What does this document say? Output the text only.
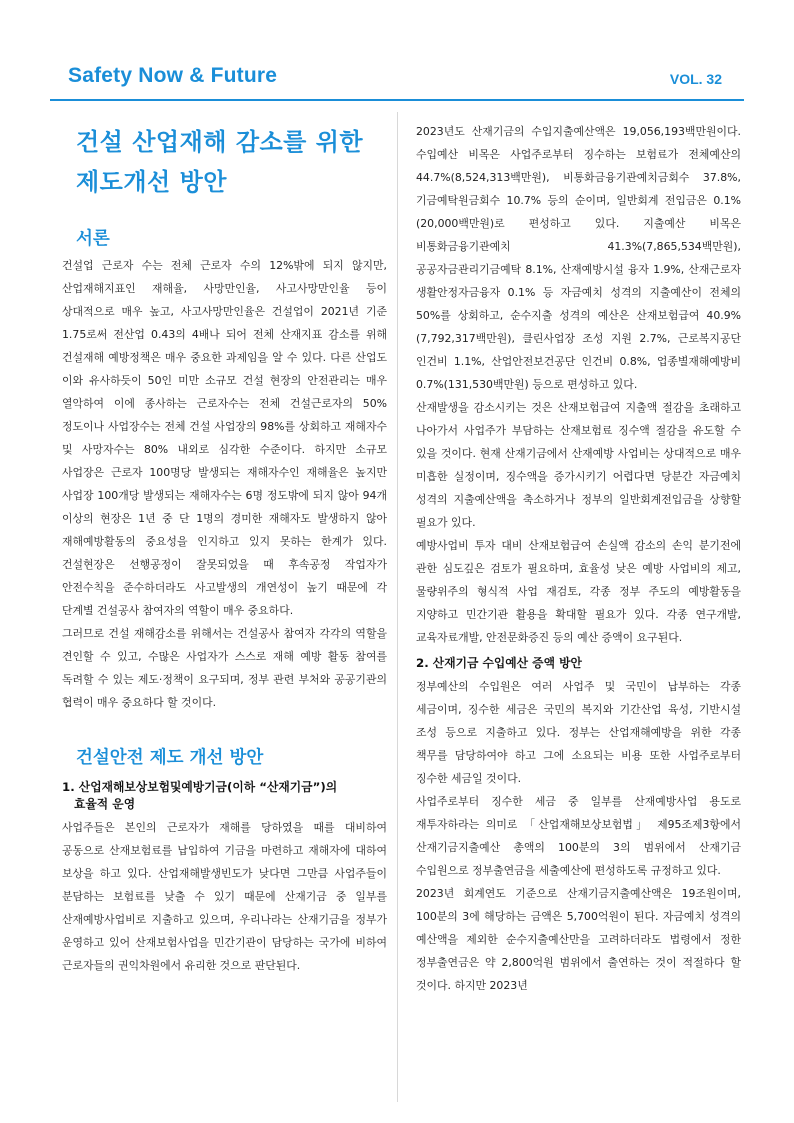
Safety Now & Future	VOL. 32
건설 산업재해 감소를 위한
제도개선 방안
서론

건설업 근로자 수는 전체 근로자 수의 12%밖에 되지 않지만, 산업재해지표인 재해율, 사망만인율, 사고사망만인율 등이 상대적으로 매우 높고, 사고사망만인율은 건설업이 2021년 기준 1.75로써 전산업 0.43의 4배나 되어 전체 산재지표 감소를 위해 건설재해 예방정책은 매우 중요한 과제임을 알 수 있다. 다른 산업도 이와 유사하듯이 50인 미만 소규모 건설 현장의 안전관리는 매우 열악하여 이에 종사하는 근로자수는 전체 건설근로자의 50% 정도이나 사업장수는 전체 건설 사업장의 98%를 상회하고 재해자수 및 사망자수는 80% 내외로 심각한 수준이다. 하지만 소규모 사업장은 근로자 100명당 발생되는 재해자수인 재해율은 높지만 사업장 100개당 발생되는 재해자수는 6명 정도밖에 되지 않아 94개 이상의 현장은 1년 중 단 1명의 경미한 재해자도 발생하지 않아 재해예방활동의 중요성을 인지하고 있지 못하는 한계가 있다. 건설현장은 선행공정이 잘못되었을 때 후속공정 작업자가 안전수칙을 준수하더라도 사고발생의 개연성이 높기 때문에 각 단계별 건설공사 참여자의 역할이 매우 중요하다.

그러므로 건설 재해감소를 위해서는 건설공사 참여자 각각의 역할을 견인할 수 있고, 수많은 사업자가 스스로 재해 예방 활동 참여를 독려할 수 있는 제도·정책이 요구되며, 정부 관련 부처와 공공기관의 협력이 매우 중요하다 할 것이다.

건설안전 제도 개선 방안
1. 산업재해보상보험및예방기금(이하 “산재기금”)의
효율적 운영

사업주들은 본인의 근로자가 재해를 당하였을 때를 대비하여 공동으로 산재보험료를 납입하여 기금을 마련하고 재해자에 대하여 보상을 하고 있다. 산업재해발생빈도가 낮다면 그만큼 사업주들이 분담하는 보험료를 낮출 수 있기 때문에 산재기금 중 일부를 산재예방사업비로 지출하고 있으며, 우리나라는 산재기금을 정부가 운영하고 있어 산재보험사업을 민간기관이 담당하는 국가에 비하여 근로자들의 권익차원에서 유리한 것으로 판단된다.

2023년도 산재기금의 수입지출예산액은 19,056,193백만원이다. 수입예산 비목은 사업주로부터 징수하는 보험료가 전체예산의 44.7%(8,524,313백만원), 비통화금융기관예치금회수 37.8%, 기금예탁원금회수 10.7% 등의 순이며, 일반회계 전입금은 0.1%(20,000백만원)로 편성하고 있다. 지출예산 비목은 비통화금융기관예치 41.3%(7,865,534백만원), 공공자금관리기금예탁 8.1%, 산재예방시설 융자 1.9%, 산재근로자 생활안정자금융자 0.1% 등 자금예치 성격의 지출예산이 전체의 50%를 상회하고, 순수지출 성격의 예산은 산재보험급여 40.9%(7,792,317백만원), 클린사업장 조성 지원 2.7%, 근로복지공단 인건비 1.1%, 산업안전보건공단 인건비 0.8%, 업종별재해예방비 0.7%(131,530백만원) 등으로 편성하고 있다.

산재발생을 감소시키는 것은 산재보험급여 지출액 절감을 초래하고 나아가서 사업주가 부담하는 산재보험료 징수액 절감을 유도할 수 있을 것이다. 현재 산재기금에서 산재예방 사업비는 상대적으로 매우 미흡한 실정이며, 징수액을 증가시키기 어렵다면 당분간 자금예치 성격의 지출예산액을 축소하거나 정부의 일반회계전입금을 상향할 필요가 있다.

예방사업비 투자 대비 산재보험급여 손실액 감소의 손익 분기전에 관한 심도깊은 검토가 필요하며, 효율성 낮은 예방 사업비의 제고, 물량위주의 형식적 사업 재검토, 각종 정부 주도의 예방활동을 지양하고 민간기관 활용을 확대할 필요가 있다. 각종 연구개발, 교육자료개발, 안전문화증진 등의 예산 증액이 요구된다.

2. 산재기금 수입예산 증액 방안

정부예산의 수입원은 여러 사업주 및 국민이 납부하는 각종 세금이며, 징수한 세금은 국민의 복지와 기간산업 육성, 기반시설 조성 등으로 지출하고 있다. 정부는 산업재해예방을 위한 각종 책무를 담당하여야 하고 그에 소요되는 비용 또한 사업주로부터 징수한 세금일 것이다.

사업주로부터 징수한 세금 중 일부를 산재예방사업 용도로 재투자하라는 의미로 「산업재해보상보험법」 제95조제3항에서 산재기금지출예산 총액의 100분의 3의 범위에서 산재기금 수입원으로 정부출연금을 세출예산에 편성하도록 규정하고 있다.

2023년 회계연도 기준으로 산재기금지출예산액은 19조원이며, 100분의 3에 해당하는 금액은 5,700억원이 된다. 자금예치 성격의 예산액을 제외한 순수지출예산만을 고려하더라도 법령에서 정한 정부출연금은 약 2,800억원 범위에서 출연하는 것이 적절하다 할 것이다. 하지만 2023년
